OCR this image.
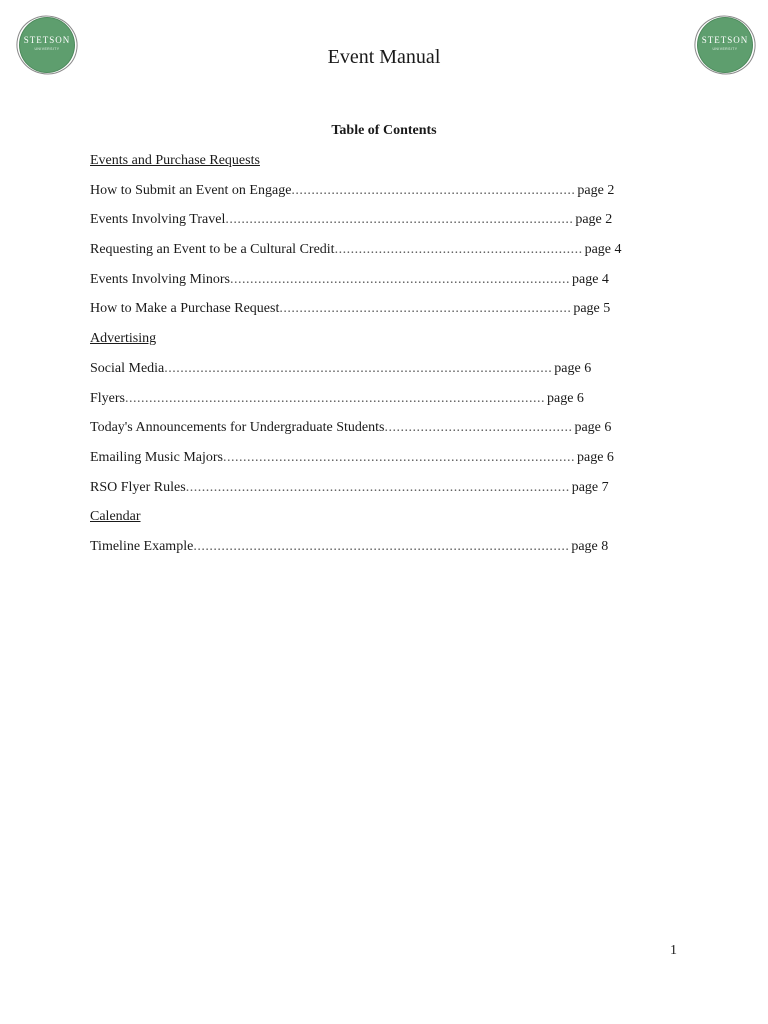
STETSON
UNIVERSITY
STETSON
UNIVERSITY
Event Manual
Table of Contents
Events and Purchase Requests
How to Submit an Event on Engage ....................................................................... page 2
Events Involving Travel ....................................................................................... page 2
Requesting an Event to be a Cultural Credit .............................................................. page 4
Events Involving Minors ..................................................................................... page 4
How to Make a Purchase Request ......................................................................... page 5
Advertising
Social Media ................................................................................................. page 6
Flyers ......................................................................................................... page 6
Today's Announcements for Undergraduate Students ............................................... page 6
Emailing Music Majors ........................................................................................ page 6
RSO Flyer Rules ................................................................................................ page 7
Calendar
Timeline Example .............................................................................................. page 8
1
